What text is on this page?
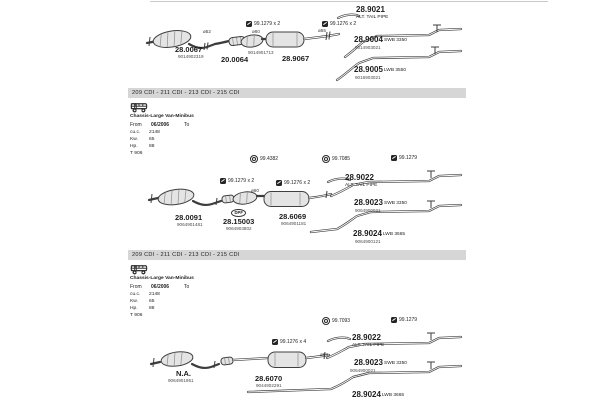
99.1279 x 2	99.1276 x 2
ø52	ø60	ø55
28.0067
9014902319 20.0064
9014901713
28.9067
28.9021
ALT. TAIL PIPE
28.9004 SWB 3350
9014903021
28.9005 LWB 3550
9016903021
209 CDI - 211 CDI - 213 CDI - 215 CDI
Chassis-Large Van-Minibus
From 06/2006	To
cu.c. 2148
Kw. 65
Hp. 88
T 906
99.4382	99.7085	99.1279
99.1279 x 2	99.1276 x 2
28.9022
ALT. TAIL PIPE
ø60
28.0091
9064901481
DPF
28.15003
9064903802
28.6069
9064901181
28.9023 SWB 3350
9064900021
28.9024 LWB 3665
9064900121
209 CDI - 211 CDI - 213 CDI - 215 CDI
Chassis-Large Van-Minibus
From 06/2006	To
cu.c. 2148
Kw. 65
Hp. 88
T 906
99.7093	99.1279
28.9022
ALT. TAIL PIPE
99.1276 x 4
ø63
N.A.
9064901951	28.6070
9044902291
28.9023 SWB 3350
9064900021
28.9024 LWB 3665
